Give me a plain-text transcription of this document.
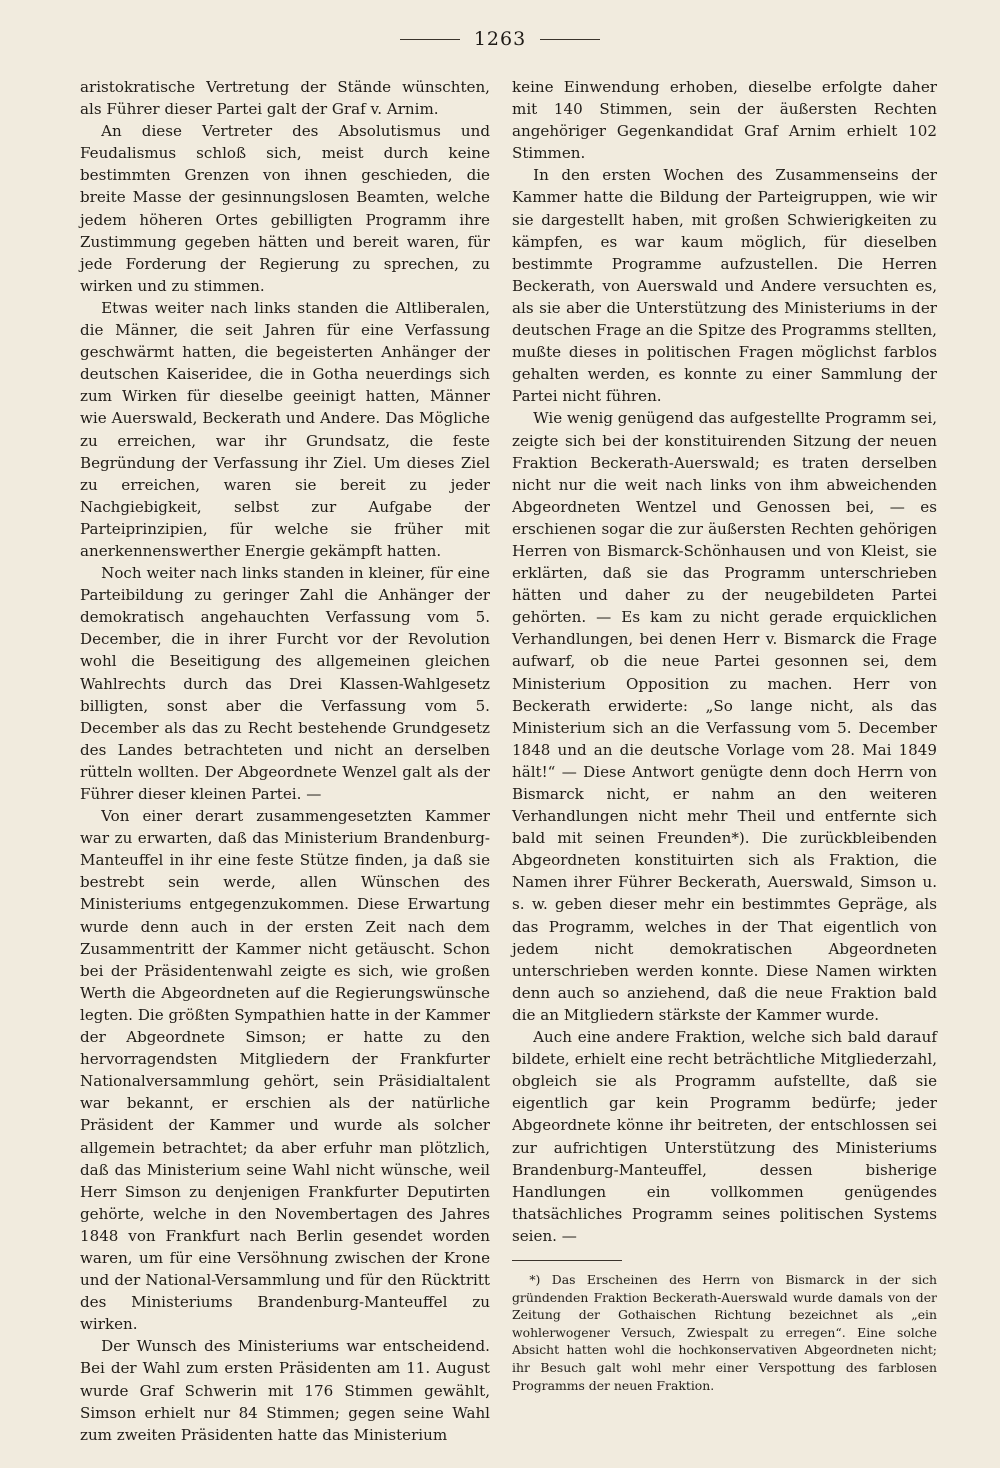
1263

aristokratische Vertretung der Stände wünschten, als Führer dieser Partei galt der Graf v. Arnim.

An diese Vertreter des Absolutismus und Feudalismus schloß sich, meist durch keine bestimmten Grenzen von ihnen geschieden, die breite Masse der gesinnungslosen Beamten, welche jedem höheren Ortes gebilligten Programm ihre Zustimmung gegeben hätten und bereit waren, für jede Forderung der Regierung zu sprechen, zu wirken und zu stimmen.

Etwas weiter nach links standen die Altliberalen, die Männer, die seit Jahren für eine Verfassung geschwärmt hatten, die begeisterten Anhänger der deutschen Kaiseridee, die in Gotha neuerdings sich zum Wirken für dieselbe geeinigt hatten, Männer wie Auerswald, Beckerath und Andere. Das Mögliche zu erreichen, war ihr Grundsatz, die feste Begründung der Verfassung ihr Ziel. Um dieses Ziel zu erreichen, waren sie bereit zu jeder Nachgiebigkeit, selbst zur Aufgabe der Parteiprinzipien, für welche sie früher mit anerkennenswerther Energie gekämpft hatten.

Noch weiter nach links standen in kleiner, für eine Parteibildung zu geringer Zahl die Anhänger der demokratisch angehauchten Verfassung vom 5. December, die in ihrer Furcht vor der Revolution wohl die Beseitigung des allgemeinen gleichen Wahlrechts durch das Drei Klassen-Wahlgesetz billigten, sonst aber die Verfassung vom 5. December als das zu Recht bestehende Grundgesetz des Landes betrachteten und nicht an derselben rütteln wollten. Der Abgeordnete Wenzel galt als der Führer dieser kleinen Partei. —

Von einer derart zusammengesetzten Kammer war zu erwarten, daß das Ministerium Brandenburg-Manteuffel in ihr eine feste Stütze finden, ja daß sie bestrebt sein werde, allen Wünschen des Ministeriums entgegenzukommen. Diese Erwartung wurde denn auch in der ersten Zeit nach dem Zusammentritt der Kammer nicht getäuscht. Schon bei der Präsidentenwahl zeigte es sich, wie großen Werth die Abgeordneten auf die Regierungswünsche legten. Die größten Sympathien hatte in der Kammer der Abgeordnete Simson; er hatte zu den hervorragendsten Mitgliedern der Frankfurter Nationalversammlung gehört, sein Präsidialtalent war bekannt, er erschien als der natürliche Präsident der Kammer und wurde als solcher allgemein betrachtet; da aber erfuhr man plötzlich, daß das Ministerium seine Wahl nicht wünsche, weil Herr Simson zu denjenigen Frankfurter Deputirten gehörte, welche in den Novembertagen des Jahres 1848 von Frankfurt nach Berlin gesendet worden waren, um für eine Versöhnung zwischen der Krone und der National-Versammlung und für den Rücktritt des Ministeriums Brandenburg-Manteuffel zu wirken.

Der Wunsch des Ministeriums war entscheidend. Bei der Wahl zum ersten Präsidenten am 11. August wurde Graf Schwerin mit 176 Stimmen gewählt, Simson erhielt nur 84 Stimmen; gegen seine Wahl zum zweiten Präsidenten hatte das Ministerium

keine Einwendung erhoben, dieselbe erfolgte daher mit 140 Stimmen, sein der äußersten Rechten angehöriger Gegenkandidat Graf Arnim erhielt 102 Stimmen.

In den ersten Wochen des Zusammenseins der Kammer hatte die Bildung der Parteigruppen, wie wir sie dargestellt haben, mit großen Schwierigkeiten zu kämpfen, es war kaum möglich, für dieselben bestimmte Programme aufzustellen. Die Herren Beckerath, von Auerswald und Andere versuchten es, als sie aber die Unterstützung des Ministeriums in der deutschen Frage an die Spitze des Programms stellten, mußte dieses in politischen Fragen möglichst farblos gehalten werden, es konnte zu einer Sammlung der Partei nicht führen.

Wie wenig genügend das aufgestellte Programm sei, zeigte sich bei der konstituirenden Sitzung der neuen Fraktion Beckerath-Auerswald; es traten derselben nicht nur die weit nach links von ihm abweichenden Abgeordneten Wentzel und Genossen bei, — es erschienen sogar die zur äußersten Rechten gehörigen Herren von Bismarck-Schönhausen und von Kleist, sie erklärten, daß sie das Programm unterschrieben hätten und daher zu der neugebildeten Partei gehörten. — Es kam zu nicht gerade erquicklichen Verhandlungen, bei denen Herr v. Bismarck die Frage aufwarf, ob die neue Partei gesonnen sei, dem Ministerium Opposition zu machen. Herr von Beckerath erwiderte: „So lange nicht, als das Ministerium sich an die Verfassung vom 5. December 1848 und an die deutsche Vorlage vom 28. Mai 1849 hält!“ — Diese Antwort genügte denn doch Herrn von Bismarck nicht, er nahm an den weiteren Verhandlungen nicht mehr Theil und entfernte sich bald mit seinen Freunden*). Die zurückbleibenden Abgeordneten konstituirten sich als Fraktion, die Namen ihrer Führer Beckerath, Auerswald, Simson u. s. w. geben dieser mehr ein bestimmtes Gepräge, als das Programm, welches in der That eigentlich von jedem nicht demokratischen Abgeordneten unterschrieben werden konnte. Diese Namen wirkten denn auch so anziehend, daß die neue Fraktion bald die an Mitgliedern stärkste der Kammer wurde.

Auch eine andere Fraktion, welche sich bald darauf bildete, erhielt eine recht beträchtliche Mitgliederzahl, obgleich sie als Programm aufstellte, daß sie eigentlich gar kein Programm bedürfe; jeder Abgeordnete könne ihr beitreten, der entschlossen sei zur aufrichtigen Unterstützung des Ministeriums Brandenburg-Manteuffel, dessen bisherige Handlungen ein vollkommen genügendes thatsächliches Programm seines politischen Systems seien. —

*) Das Erscheinen des Herrn von Bismarck in der sich gründenden Fraktion Beckerath-Auerswald wurde damals von der Zeitung der Gothaischen Richtung bezeichnet als „ein wohlerwogener Versuch, Zwiespalt zu erregen“. Eine solche Absicht hatten wohl die hochkonservativen Abgeordneten nicht; ihr Besuch galt wohl mehr einer Verspottung des farblosen Programms der neuen Fraktion.
